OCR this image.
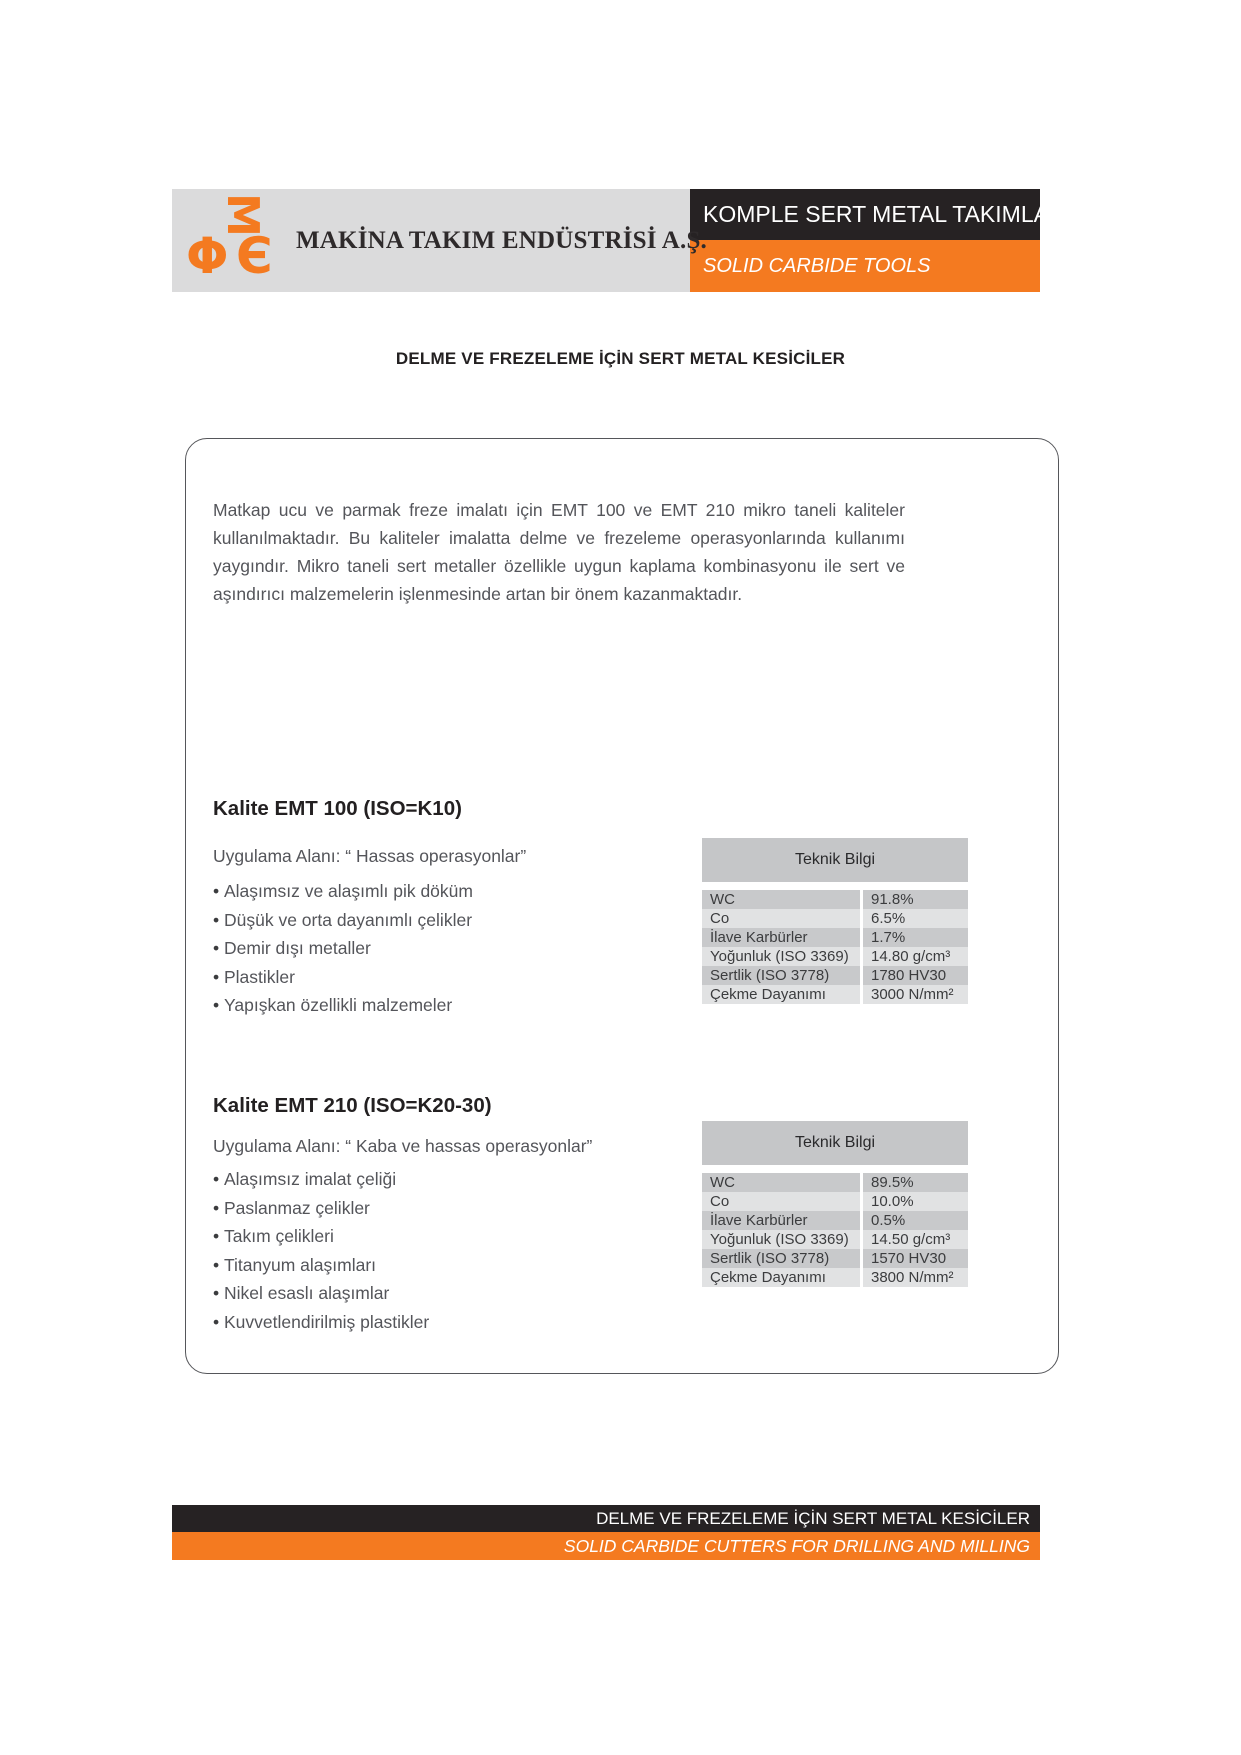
M
Φ Є MAKİNA TAKIM ENDÜSTRİSİ A.Ş.
KOMPLE SERT METAL TAKIMLAR
SOLID CARBIDE TOOLS
DELME VE FREZELEME İÇİN SERT METAL KESİCİLER

Matkap ucu ve parmak freze imalatı için EMT 100 ve EMT 210 mikro taneli kaliteler kullanılmaktadır. Bu kaliteler imalatta delme ve frezeleme operasyonlarında kullanımı yaygındır. Mikro taneli sert metaller özellikle uygun kaplama kombinasyonu ile sert ve aşındırıcı malzemelerin işlenmesinde artan bir önem kazanmaktadır.

Kalite EMT 100 (ISO=K10)
Uygulama Alanı: “ Hassas operasyonlar”
• Alaşımsız ve alaşımlı pik döküm
• Düşük ve orta dayanımlı çelikler
• Demir dışı metaller
• Plastikler
• Yapışkan özellikli malzemeler
Teknik Bilgi
WC	91.8%
Co	6.5%
İlave Karbürler	1.7%
Yoğunluk (ISO 3369)	14.80 g/cm³
Sertlik (ISO 3778)	1780 HV30
Çekme Dayanımı	3000 N/mm²
Kalite EMT 210 (ISO=K20-30)
Uygulama Alanı: “ Kaba ve hassas operasyonlar”
• Alaşımsız imalat çeliği
• Paslanmaz çelikler
• Takım çelikleri
• Titanyum alaşımları
• Nikel esaslı alaşımlar
• Kuvvetlendirilmiş plastikler
Teknik Bilgi
WC	89.5%
Co	10.0%
İlave Karbürler	0.5%
Yoğunluk (ISO 3369)	14.50 g/cm³
Sertlik (ISO 3778)	1570 HV30
Çekme Dayanımı	3800 N/mm²
DELME VE FREZELEME İÇİN SERT METAL KESİCİLER
SOLID CARBIDE CUTTERS FOR DRILLING AND MILLING
